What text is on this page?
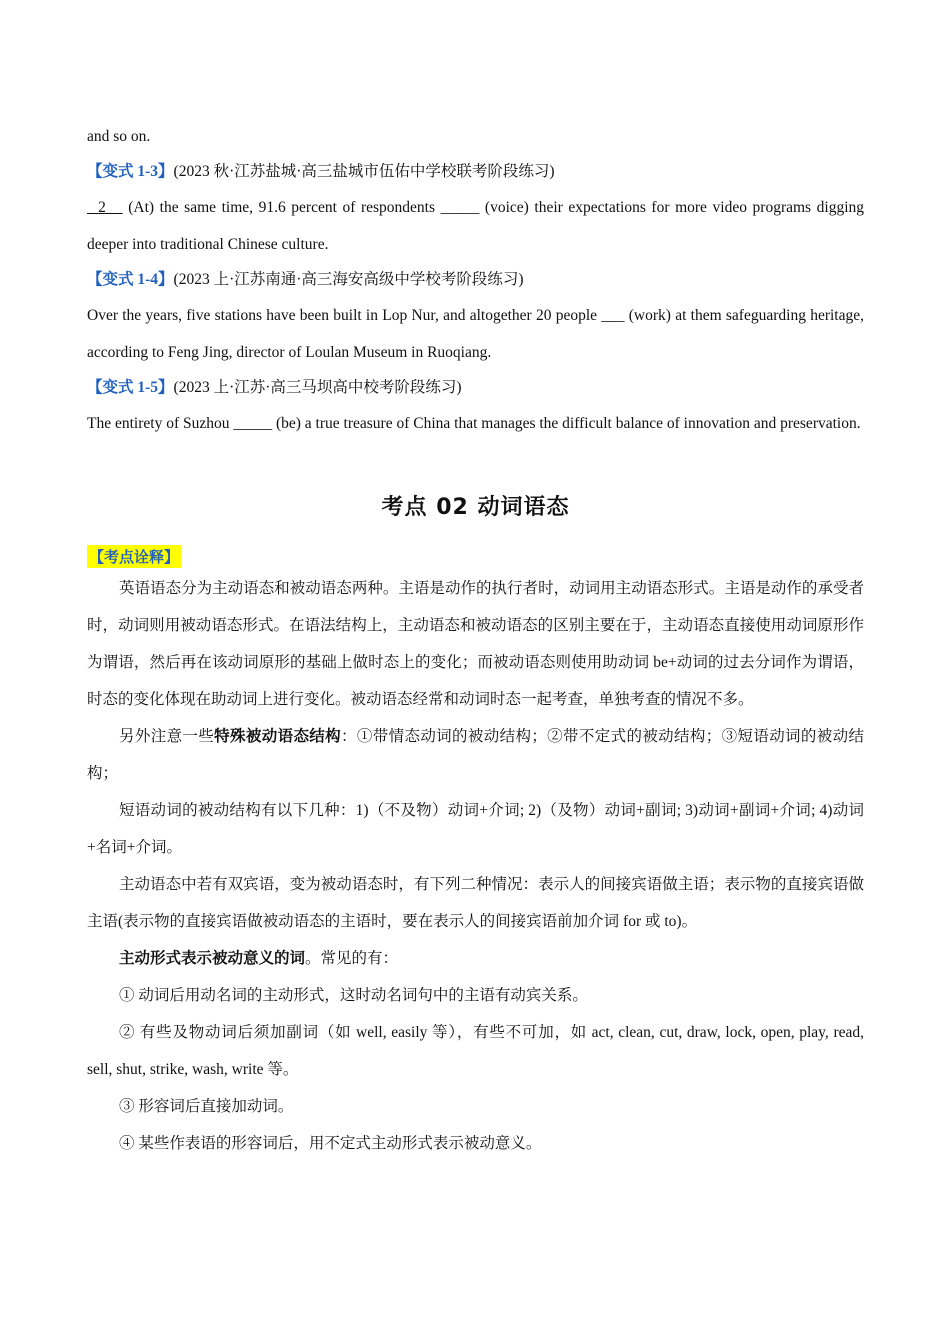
and so on.

【变式 1-3】(2023 秋·江苏盐城·高三盐城市伍佑中学校联考阶段练习)

2    (At) the same time, 91.6 percent of respondents _____ (voice) their expectations for more video programs digging deeper into traditional Chinese culture.

【变式 1-4】(2023 上·江苏南通·高三海安高级中学校考阶段练习)

Over the years, five stations have been built in Lop Nur, and altogether 20 people ___ (work) at them safeguarding heritage, according to Feng Jing, director of Loulan Museum in Ruoqiang.

【变式 1-5】(2023 上·江苏·高三马坝高中校考阶段练习)

The entirety of Suzhou _____ (be) a true treasure of China that manages the difficult balance of innovation and preservation.

考点 02 动词语态
【考点诠释】

英语语态分为主动语态和被动语态两种。主语是动作的执行者时，动词用主动语态形式。主语是动作的承受者时，动词则用被动语态形式。在语法结构上，主动语态和被动语态的区别主要在于，主动语态直接使用动词原形作为谓语，然后再在该动词原形的基础上做时态上的变化；而被动语态则使用助动词 be+动词的过去分词作为谓语，时态的变化体现在助动词上进行变化。被动语态经常和动词时态一起考查，单独考查的情况不多。

另外注意一些特殊被动语态结构：①带情态动词的被动结构；②带不定式的被动结构；③短语动词的被动结构；

短语动词的被动结构有以下几种：1)（不及物）动词+介词; 2)（及物）动词+副词; 3)动词+副词+介词; 4)动词+名词+介词。

主动语态中若有双宾语，变为被动语态时，有下列二种情况：表示人的间接宾语做主语；表示物的直接宾语做主语(表示物的直接宾语做被动语态的主语时，要在表示人的间接宾语前加介词 for 或 to)。

主动形式表示被动意义的词。常见的有：

① 动词后用动名词的主动形式，这时动名词句中的主语有动宾关系。

② 有些及物动词后须加副词（如 well, easily 等），有些不可加，如 act, clean, cut, draw, lock, open, play, read, sell, shut, strike, wash, write 等。

③ 形容词后直接加动词。

④ 某些作表语的形容词后，用不定式主动形式表示被动意义。
